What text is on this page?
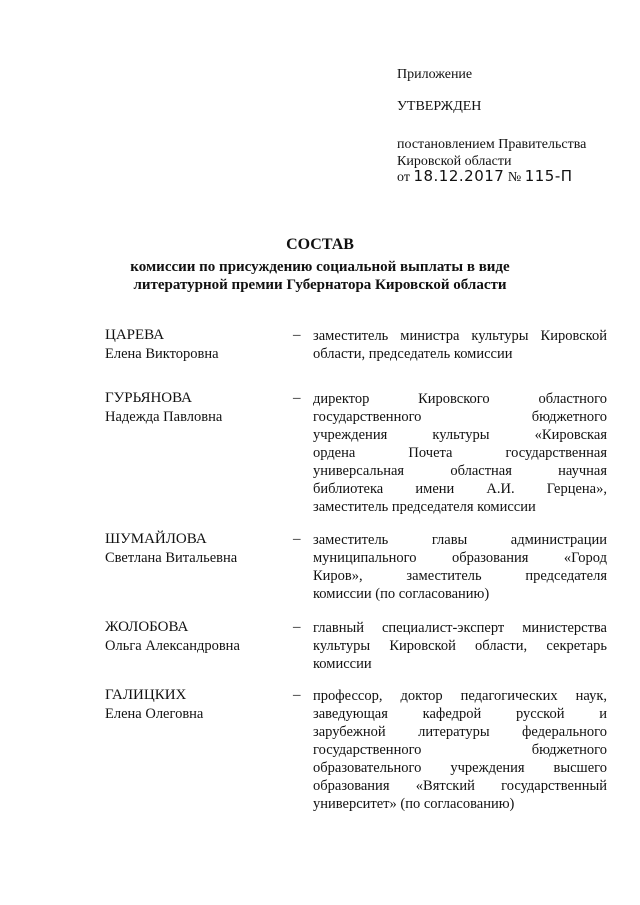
Приложение
УТВЕРЖДЕН
постановлением Правительства
Кировской области
от 18.12.2017 № 115-П
СОСТАВ
комиссии по присуждению социальной выплаты в виде
литературной премии Губернатора Кировской области
ЦАРЕВА
Елена Викторовна
– заместитель министра культуры Кировской
области, председатель комиссии
ГУРЬЯНОВА
Надежда Павловна
– директор Кировского областного
государственного бюджетного
учреждения культуры «Кировская
ордена Почета государственная
универсальная областная научная
библиотека имени А.И. Герцена»,
заместитель председателя комиссии
ШУМАЙЛОВА
Светлана Витальевна
– заместитель главы администрации
муниципального образования «Город
Киров», заместитель председателя
комиссии (по согласованию)
ЖОЛОБОВА
Ольга Александровна
– главный специалист-эксперт министерства
культуры Кировской области, секретарь
комиссии
ГАЛИЦКИХ
Елена Олеговна
– профессор, доктор педагогических наук,
заведующая кафедрой русской и
зарубежной литературы федерального
государственного бюджетного
образовательного учреждения высшего
образования «Вятский государственный
университет» (по согласованию)
